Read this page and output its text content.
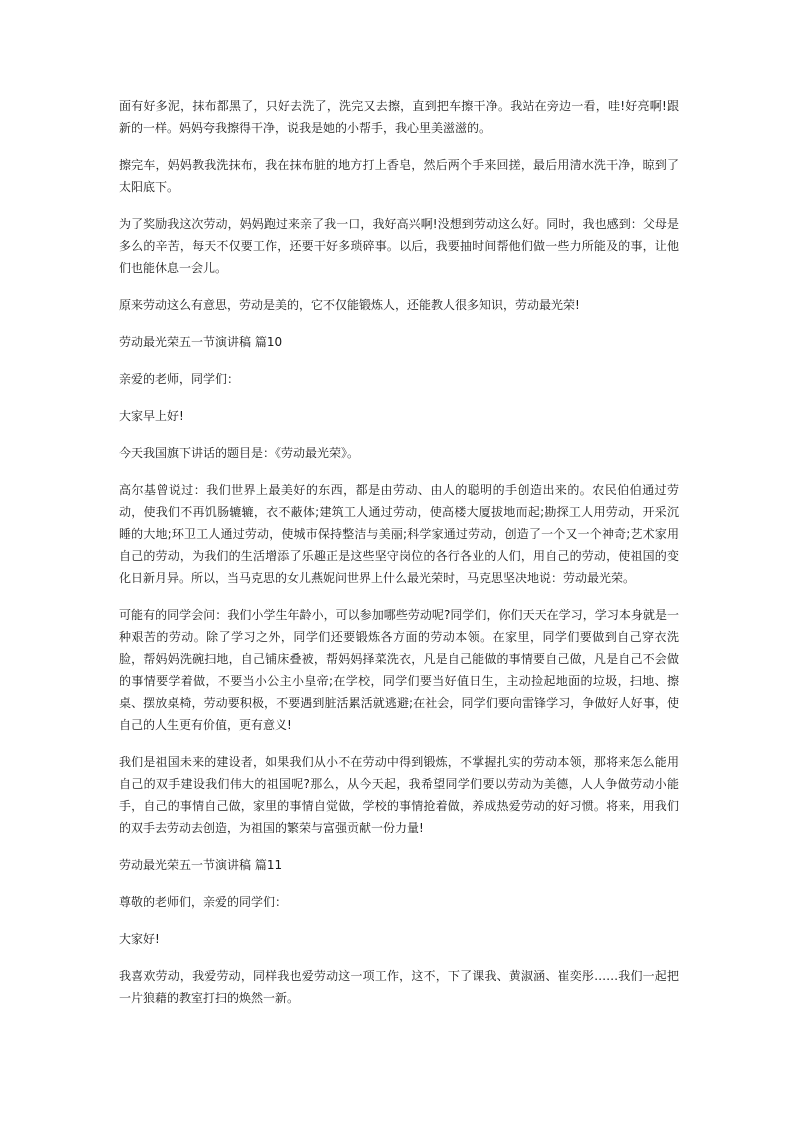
面有好多泥，抹布都黑了，只好去洗了，洗完又去擦，直到把车擦干净。我站在旁边一看，哇!好亮啊!跟新的一样。妈妈夸我擦得干净，说我是她的小帮手，我心里美滋滋的。

擦完车，妈妈教我洗抹布，我在抹布脏的地方打上香皂，然后两个手来回搓，最后用清水洗干净，晾到了太阳底下。

为了奖励我这次劳动，妈妈跑过来亲了我一口，我好高兴啊!没想到劳动这么好。同时，我也感到：父母是多么的辛苦，每天不仅要工作，还要干好多琐碎事。以后，我要抽时间帮他们做一些力所能及的事，让他们也能休息一会儿。

原来劳动这么有意思，劳动是美的，它不仅能锻炼人，还能教人很多知识，劳动最光荣!

劳动最光荣五一节演讲稿 篇10

亲爱的老师，同学们：

大家早上好!

今天我国旗下讲话的题目是：《劳动最光荣》。

高尔基曾说过：我们世界上最美好的东西，都是由劳动、由人的聪明的手创造出来的。农民伯伯通过劳动，使我们不再饥肠辘辘，衣不蔽体;建筑工人通过劳动，使高楼大厦拔地而起;勘探工人用劳动，开采沉睡的大地;环卫工人通过劳动，使城市保持整洁与美丽;科学家通过劳动，创造了一个又一个神奇;艺术家用自己的劳动，为我们的生活增添了乐趣正是这些坚守岗位的各行各业的人们，用自己的劳动，使祖国的变化日新月异。所以，当马克思的女儿燕妮问世界上什么最光荣时，马克思坚决地说：劳动最光荣。

可能有的同学会问：我们小学生年龄小，可以参加哪些劳动呢?同学们，你们天天在学习，学习本身就是一种艰苦的劳动。除了学习之外，同学们还要锻炼各方面的劳动本领。在家里，同学们要做到自己穿衣洗脸，帮妈妈洗碗扫地，自己铺床叠被，帮妈妈择菜洗衣，凡是自己能做的事情要自己做，凡是自己不会做的事情要学着做，不要当小公主小皇帝;在学校，同学们要当好值日生，主动捡起地面的垃圾，扫地、擦桌、摆放桌椅，劳动要积极，不要遇到脏活累活就逃避;在社会，同学们要向雷锋学习，争做好人好事，使自己的人生更有价值，更有意义!

我们是祖国未来的建设者，如果我们从小不在劳动中得到锻炼，不掌握扎实的劳动本领，那将来怎么能用自己的双手建设我们伟大的祖国呢?那么，从今天起，我希望同学们要以劳动为美德，人人争做劳动小能手，自己的事情自己做，家里的事情自觉做，学校的事情抢着做，养成热爱劳动的好习惯。将来，用我们的双手去劳动去创造，为祖国的繁荣与富强贡献一份力量!

劳动最光荣五一节演讲稿 篇11

尊敬的老师们，亲爱的同学们：

大家好!

我喜欢劳动，我爱劳动，同样我也爱劳动这一项工作，这不，下了课我、黄淑涵、崔奕彤……我们一起把一片狼藉的教室打扫的焕然一新。
